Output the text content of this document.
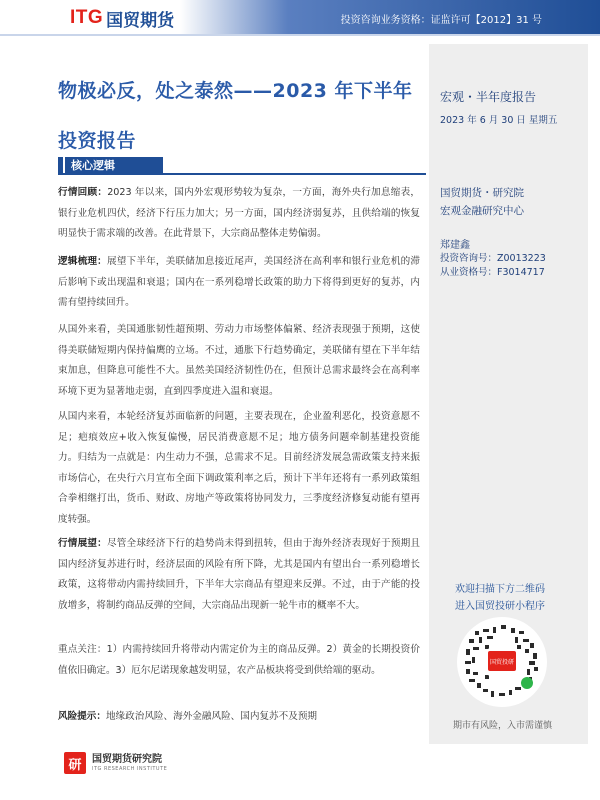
ITG 国贸期货	投资咨询业务资格：证监许可【2012】31 号
宏观・半年度报告
2023 年 6 月 30 日 星期五
国贸期货・研究院
宏观金融研究中心
郑建鑫
投资咨询号：Z0013223
从业资格号：F3014717
欢迎扫描下方二维码
进入国贸投研小程序
国贸投研
期市有风险，入市需谨慎
物极必反，处之泰然——2023 年下半年投资报告
核心逻辑

行情回顾：2023 年以来，国内外宏观形势较为复杂，一方面，海外央行加息缩表，银行业危机四伏，经济下行压力加大；另一方面，国内经济弱复苏，且供给端的恢复明显快于需求端的改善。在此背景下，大宗商品整体走势偏弱。

逻辑梳理：展望下半年，美联储加息接近尾声，美国经济在高利率和银行业危机的滞后影响下或出现温和衰退；国内在一系列稳增长政策的助力下将得到更好的复苏，内需有望持续回升。

从国外来看，美国通胀韧性超预期、劳动力市场整体偏紧、经济表现强于预期，这使得美联储短期内保持偏鹰的立场。不过，通胀下行趋势确定，美联储有望在下半年结束加息，但降息可能性不大。虽然美国经济韧性仍在，但预计总需求最终会在高利率环境下更为显著地走弱，直到四季度进入温和衰退。

从国内来看，本轮经济复苏面临新的问题，主要表现在，企业盈利恶化，投资意愿不足；疤痕效应+收入恢复偏慢，居民消费意愿不足；地方债务问题牵制基建投资能力。归结为一点就是：内生动力不强，总需求不足。目前经济发展急需政策支持来振市场信心，在央行六月宣布全面下调政策利率之后，预计下半年还将有一系列政策组合拳相继打出，货币、财政、房地产等政策将协同发力，三季度经济修复动能有望再度转强。

行情展望：尽管全球经济下行的趋势尚未得到扭转，但由于海外经济表现好于预期且国内经济复苏进行时，经济层面的风险有所下降，尤其是国内有望出台一系列稳增长政策，这将带动内需持续回升，下半年大宗商品有望迎来反弹。不过，由于产能的投放增多，将制约商品反弹的空间，大宗商品出现新一轮牛市的概率不大。

重点关注：1）内需持续回升将带动内需定价为主的商品反弹。2）黄金的长期投资价值依旧确定。3）厄尔尼诺现象越发明显，农产品板块将受到供给端的驱动。

风险提示：地缘政治风险、海外金融风险、国内复苏不及预期

研	国贸期货研究院
ITG RESEARCH INSTITUTE
